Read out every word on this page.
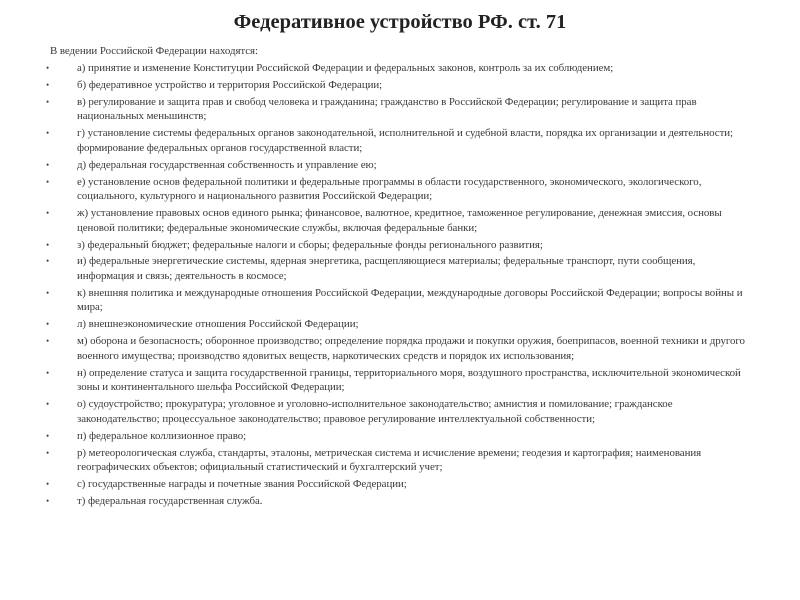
Федеративное устройство РФ. ст. 71

В ведении Российской Федерации находятся:

•	а) принятие и изменение Конституции Российской Федерации и федеральных законов, контроль за их соблюдением;
•	б) федеративное устройство и территория Российской Федерации;
•	в) регулирование и защита прав и свобод человека и гражданина; гражданство в Российской Федерации; регулирование и защита прав национальных меньшинств;
•	г) установление системы федеральных органов законодательной, исполнительной и судебной власти, порядка их организации и деятельности; формирование федеральных органов государственной власти;
•	д) федеральная государственная собственность и управление ею;
•	е) установление основ федеральной политики и федеральные программы в области государственного, экономического, экологического, социального, культурного и национального развития Российской Федерации;
•	ж) установление правовых основ единого рынка; финансовое, валютное, кредитное, таможенное регулирование, денежная эмиссия, основы ценовой политики; федеральные экономические службы, включая федеральные банки;
•	з) федеральный бюджет; федеральные налоги и сборы; федеральные фонды регионального развития;
•	и) федеральные энергетические системы, ядерная энергетика, расщепляющиеся материалы; федеральные транспорт, пути сообщения, информация и связь; деятельность в космосе;
•	к) внешняя политика и международные отношения Российской Федерации, международные договоры Российской Федерации; вопросы войны и мира;
•	л) внешнеэкономические отношения Российской Федерации;
•	м) оборона и безопасность; оборонное производство; определение порядка продажи и покупки оружия, боеприпасов, военной техники и другого военного имущества; производство ядовитых веществ, наркотических средств и порядок их использования;
•	н) определение статуса и защита государственной границы, территориального моря, воздушного пространства, исключительной экономической зоны и континентального шельфа Российской Федерации;
•	о) судоустройство; прокуратура; уголовное и уголовно-исполнительное законодательство; амнистия и помилование; гражданское законодательство; процессуальное законодательство; правовое регулирование интеллектуальной собственности;
•	п) федеральное коллизионное право;
•	р) метеорологическая служба, стандарты, эталоны, метрическая система и исчисление времени; геодезия и картография; наименования географических объектов; официальный статистический и бухгалтерский учет;
•	с) государственные награды и почетные звания Российской Федерации;
•	т) федеральная государственная служба.
